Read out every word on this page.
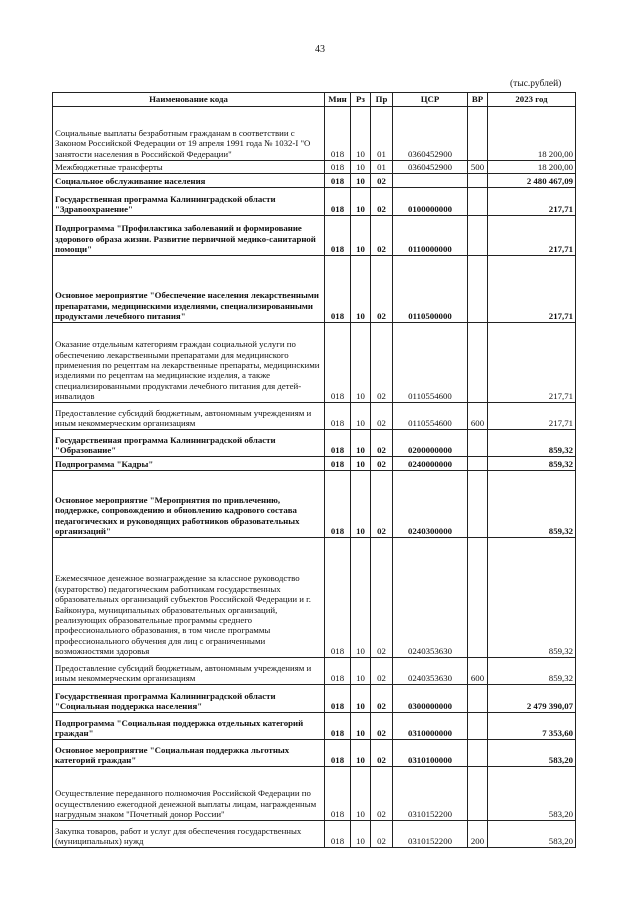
43
(тыс.рублей)
Наименование кода	Мин	Рз	Пр	ЦСР	ВР	2023 год
Социальные выплаты безработным гражданам в соответствии с Законом Российской Федерации от 19 апреля 1991 года № 1032-I "О занятости населения в Российской Федерации"	018	10	01	0360452900		18 200,00
Межбюджетные трансферты	018	10	01	0360452900	500	18 200,00
Социальное обслуживание населения	018	10	02			2 480 467,09
Государственная программа Калининградской области "Здравоохранение"	018	10	02	0100000000		217,71
Подпрограмма "Профилактика заболеваний и формирование здорового образа жизни. Развитие первичной медико-санитарной помощи"	018	10	02	0110000000		217,71
Основное мероприятие "Обеспечение населения лекарственными препаратами, медицинскими изделиями, специализированными продуктами лечебного питания"	018	10	02	0110500000		217,71
Оказание отдельным категориям граждан социальной услуги по обеспечению лекарственными препаратами для медицинского применения по рецептам на лекарственные препараты, медицинскими изделиями по рецептам на медицинские изделия, а также специализированными продуктами лечебного питания для детей-инвалидов	018	10	02	0110554600		217,71
Предоставление субсидий бюджетным, автономным учреждениям и иным некоммерческим организациям	018	10	02	0110554600	600	217,71
Государственная программа Калининградской области "Образование"	018	10	02	0200000000		859,32
Подпрограмма "Кадры"	018	10	02	0240000000		859,32
Основное мероприятие "Мероприятия по привлечению, поддержке, сопровождению и обновлению кадрового состава педагогических и руководящих работников образовательных организаций"	018	10	02	0240300000		859,32
Ежемесячное денежное вознаграждение за классное руководство (кураторство) педагогическим работникам государственных образовательных организаций субъектов Российской Федерации и г. Байконура, муниципальных образовательных организаций, реализующих образовательные программы среднего профессионального образования, в том числе программы профессионального обучения для лиц с ограниченными возможностями здоровья	018	10	02	0240353630		859,32
Предоставление субсидий бюджетным, автономным учреждениям и иным некоммерческим организациям	018	10	02	0240353630	600	859,32
Государственная программа Калининградской области "Социальная поддержка населения"	018	10	02	0300000000		2 479 390,07
Подпрограмма "Социальная поддержка отдельных категорий граждан"	018	10	02	0310000000		7 353,60
Основное мероприятие "Социальная поддержка льготных категорий граждан"	018	10	02	0310100000		583,20
Осуществление переданного полномочия Российской Федерации по осуществлению ежегодной денежной выплаты лицам, награжденным нагрудным знаком "Почетный донор России"	018	10	02	0310152200		583,20
Закупка товаров, работ и услуг для обеспечения государственных (муниципальных) нужд	018	10	02	0310152200	200	583,20
